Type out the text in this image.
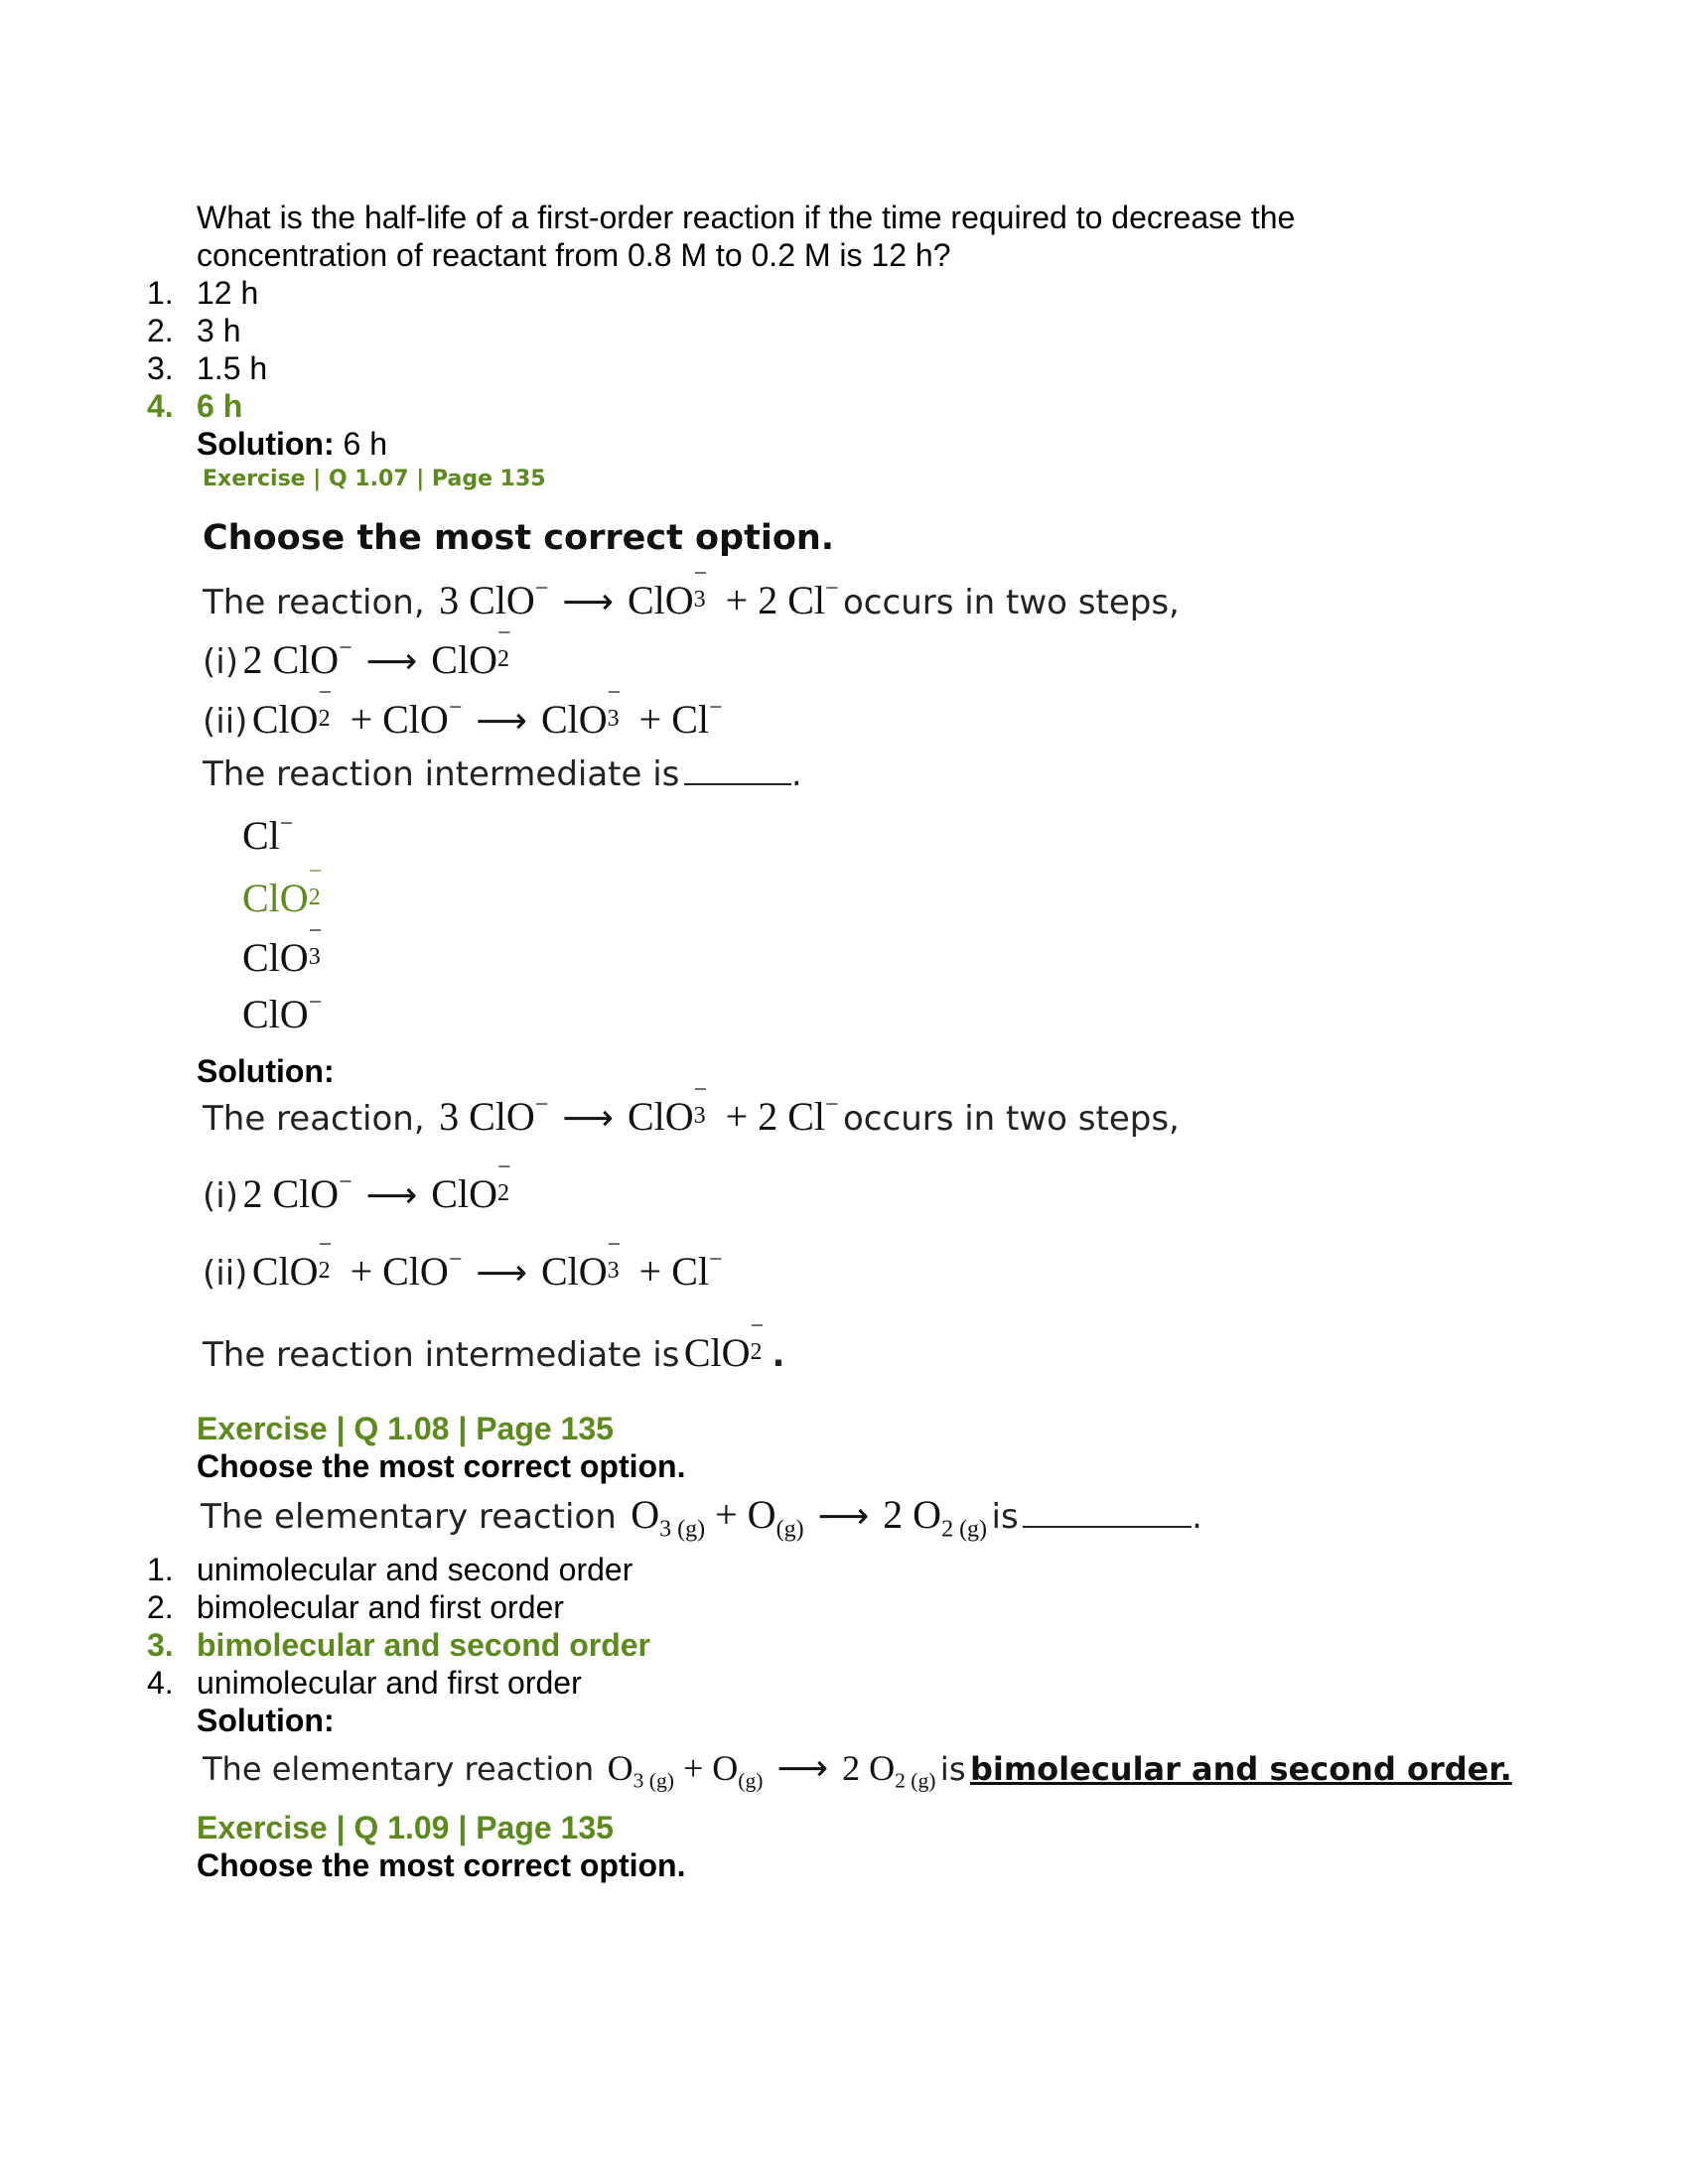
What is the half-life of a first-order reaction if the time required to decrease the
concentration of reactant from 0.8 M to 0.2 M is 12 h?
1. 12 h
2. 3 h
3. 1.5 h
4. 6 h
Solution: 6 h
Exercise | Q 1.07 | Page 135
Choose the most correct option.
The reaction,  3 ClO− ⟶ ClO
−
3 + 2 Cl− occurs in two steps,
(i) 2 ClO− ⟶ ClO
−
2
(ii) ClO
−
2 + ClO− ⟶ ClO
−
3 + Cl−
The reaction intermediate is	.
Cl−
ClO
−
2
ClO
−
3
ClO−
Solution:
The reaction,  3 ClO− ⟶ ClO
−
3 + 2 Cl− occurs in two steps,
(i) 2 ClO− ⟶ ClO
−
2
(ii) ClO
−
2 + ClO− ⟶ ClO
−
3 + Cl−
The reaction intermediate is ClO
−
2 .
Exercise | Q 1.08 | Page 135
Choose the most correct option.
The elementary reaction  $O_{3 (g)} + O_{(g)}$ ⟶ 2 $O_{2 (g)}$ is	.
1. unimolecular and second order
2. bimolecular and first order
3. bimolecular and second order
4. unimolecular and first order
Solution:
The elementary reaction  $O_{3 (g)} + O_{(g)}$ ⟶ 2 $O_{2 (g)}$ is bimolecular and second order.
Exercise | Q 1.09 | Page 135
Choose the most correct option.
